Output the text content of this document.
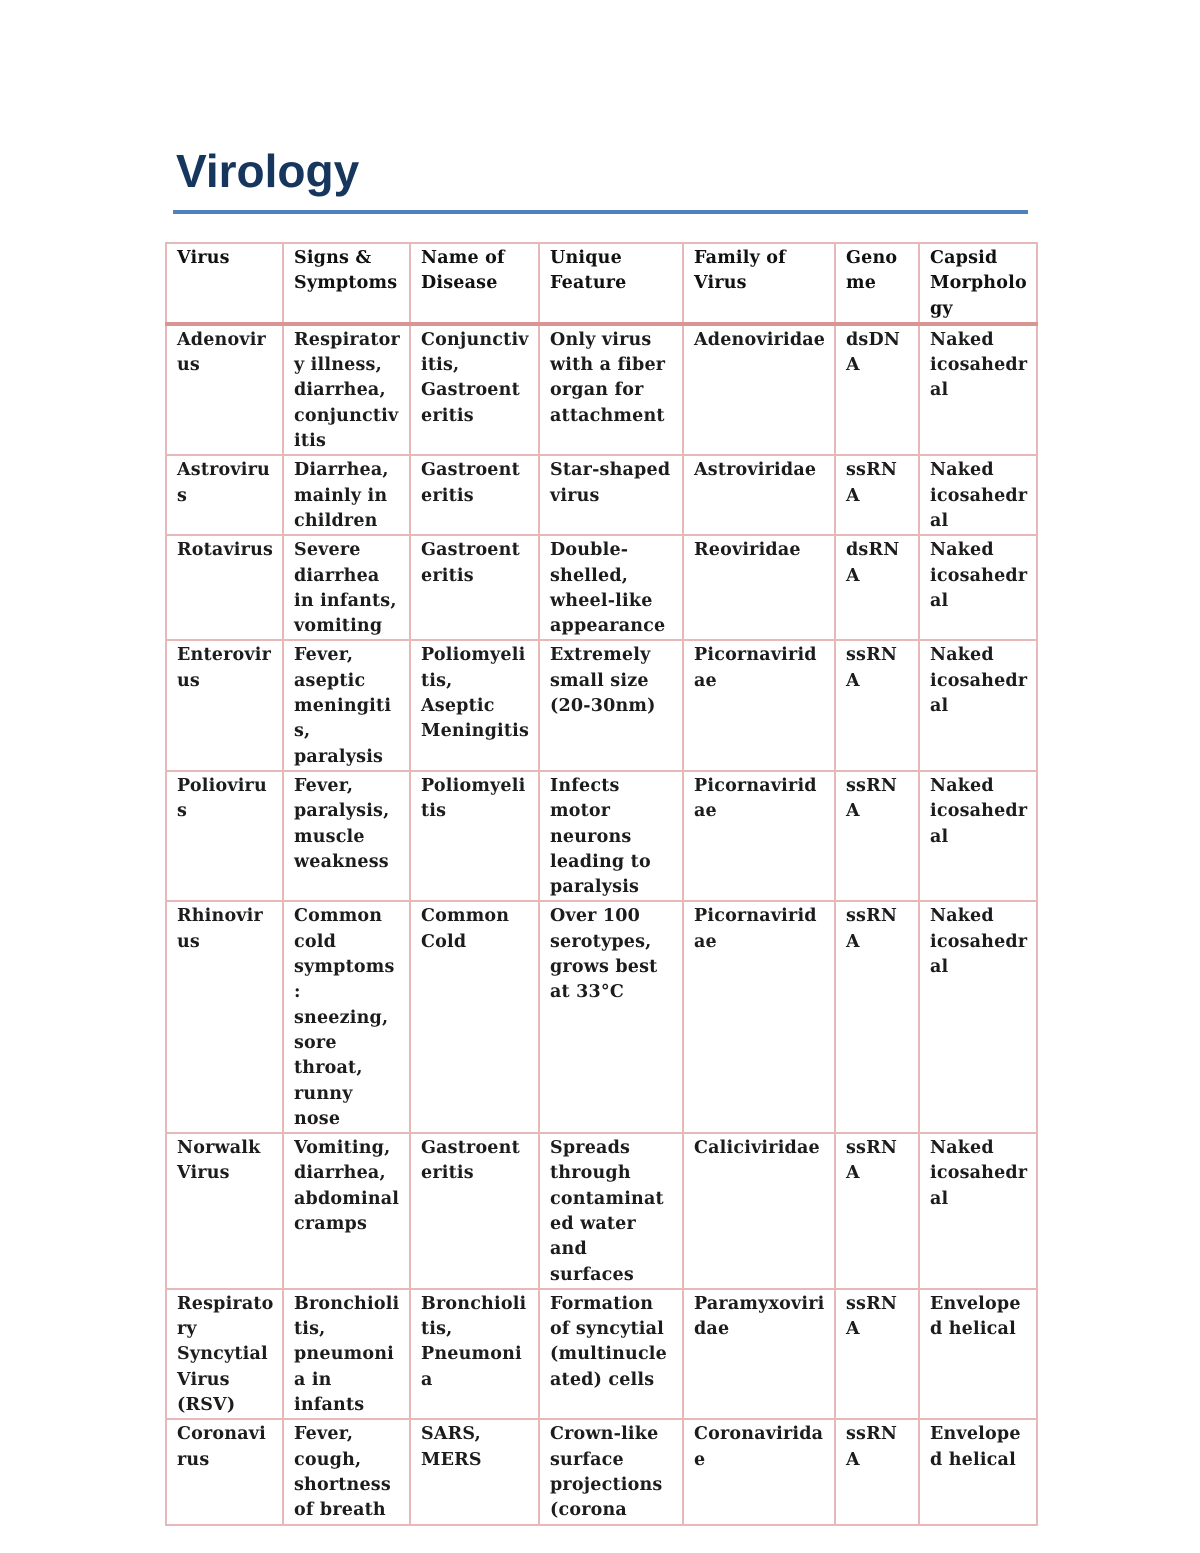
Virology
Virus	Signs & Symptoms	Name of Disease	Unique Feature	Family of Virus	Genome	Capsid Morphology
Adenovirus	Respiratory illness, diarrhea, conjunctivitis	Conjunctivitis, Gastroenteritis	Only virus with a fiber organ for attachment	Adenoviridae	dsDNA	Naked icosahedral
Astrovirus	Diarrhea, mainly in children	Gastroenteritis	Star-shaped virus	Astroviridae	ssRNA	Naked icosahedral
Rotavirus	Severe diarrhea in infants, vomiting	Gastroenteritis	Double-shelled, wheel-like appearance	Reoviridae	dsRNA	Naked icosahedral
Enterovirus	Fever, aseptic meningitis, paralysis	Poliomyelitis, Aseptic Meningitis	Extremely small size (20-30nm)	Picornaviridae	ssRNA	Naked icosahedral
Poliovirus	Fever, paralysis, muscle weakness	Poliomyelitis	Infects motor neurons leading to paralysis	Picornaviridae	ssRNA	Naked icosahedral
Rhinovirus	Common cold symptoms: sneezing, sore throat, runny nose	Common Cold	Over 100 serotypes, grows best at 33°C	Picornaviridae	ssRNA	Naked icosahedral
Norwalk Virus	Vomiting, diarrhea, abdominal cramps	Gastroenteritis	Spreads through contaminated water and surfaces	Caliciviridae	ssRNA	Naked icosahedral
Respiratory Syncytial Virus (RSV)	Bronchiolitis, pneumonia in infants	Bronchiolitis, Pneumonia	Formation of syncytial (multinucleated) cells	Paramyxoviridae	ssRNA	Enveloped helical
Coronavirus	Fever, cough, shortness of breath	SARS, MERS	Crown-like surface projections (corona	Coronaviridae	ssRNA	Enveloped helical
